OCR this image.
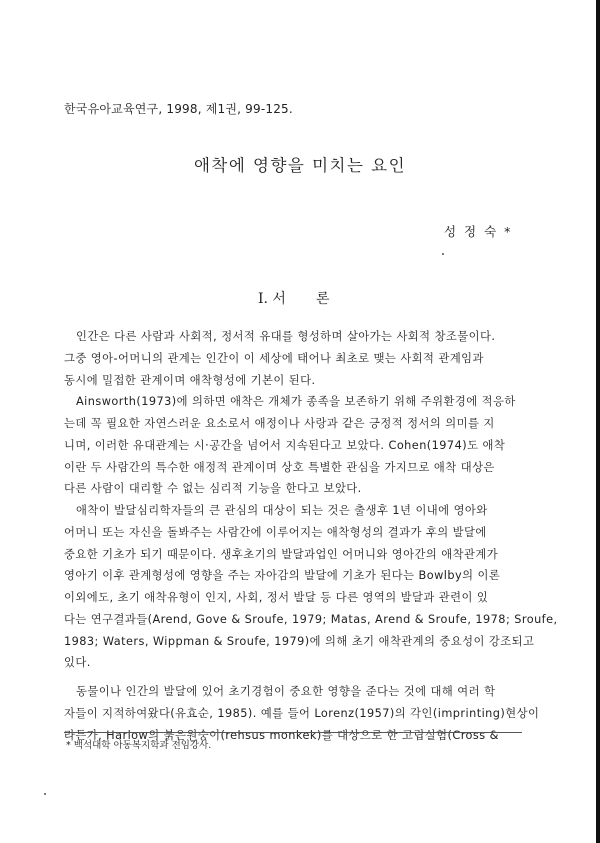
한국유아교육연구, 1998, 제1권, 99-125.
애착에 영향을 미치는 요인
성 정 숙 *
I. 서 론
인간은 다른 사람과 사회적, 정서적 유대를 형성하며 살아가는 사회적 창조물이다.
그중 영아-어머니의 관계는 인간이 이 세상에 태어나 최초로 맺는 사회적 관계임과
동시에 밀접한 관계이며 애착형성에 기본이 된다.
Ainsworth(1973)에 의하면 애착은 개체가 종족을 보존하기 위해 주위환경에 적응하
는데 꼭 필요한 자연스러운 요소로서 애정이나 사랑과 같은 긍정적 정서의 의미를 지
니며, 이러한 유대관계는 시·공간을 넘어서 지속된다고 보았다. Cohen(1974)도 애착
이란 두 사람간의 특수한 애정적 관계이며 상호 특별한 관심을 가지므로 애착 대상은
다른 사람이 대리할 수 없는 심리적 기능을 한다고 보았다.
애착이 발달심리학자들의 큰 관심의 대상이 되는 것은 출생후 1년 이내에 영아와
어머니 또는 자신을 돌봐주는 사람간에 이루어지는 애착형성의 결과가 후의 발달에
중요한 기초가 되기 때문이다. 생후초기의 발달과업인 어머니와 영아간의 애착관계가
영아기 이후 관계형성에 영향을 주는 자아감의 발달에 기초가 된다는 Bowlby의 이론
이외에도, 초기 애착유형이 인지, 사회, 정서 발달 등 다른 영역의 발달과 관련이 있
다는 연구결과들(Arend, Gove & Sroufe, 1979; Matas, Arend & Sroufe, 1978; Sroufe,
1983; Waters, Wippman & Sroufe, 1979)에 의해 초기 애착관계의 중요성이 강조되고
있다.
동물이나 인간의 발달에 있어 초기경험이 중요한 영향을 준다는 것에 대해 여러 학
자들이 지적하여왔다(유효순, 1985). 예를 들어 Lorenz(1957)의 각인(imprinting)현상이
라든가, Harlow의 붉은원숭이(rehsus monkek)를 대상으로 한 고립실험(Cross &
* 백석대학 아동복지학과 전임강사.
